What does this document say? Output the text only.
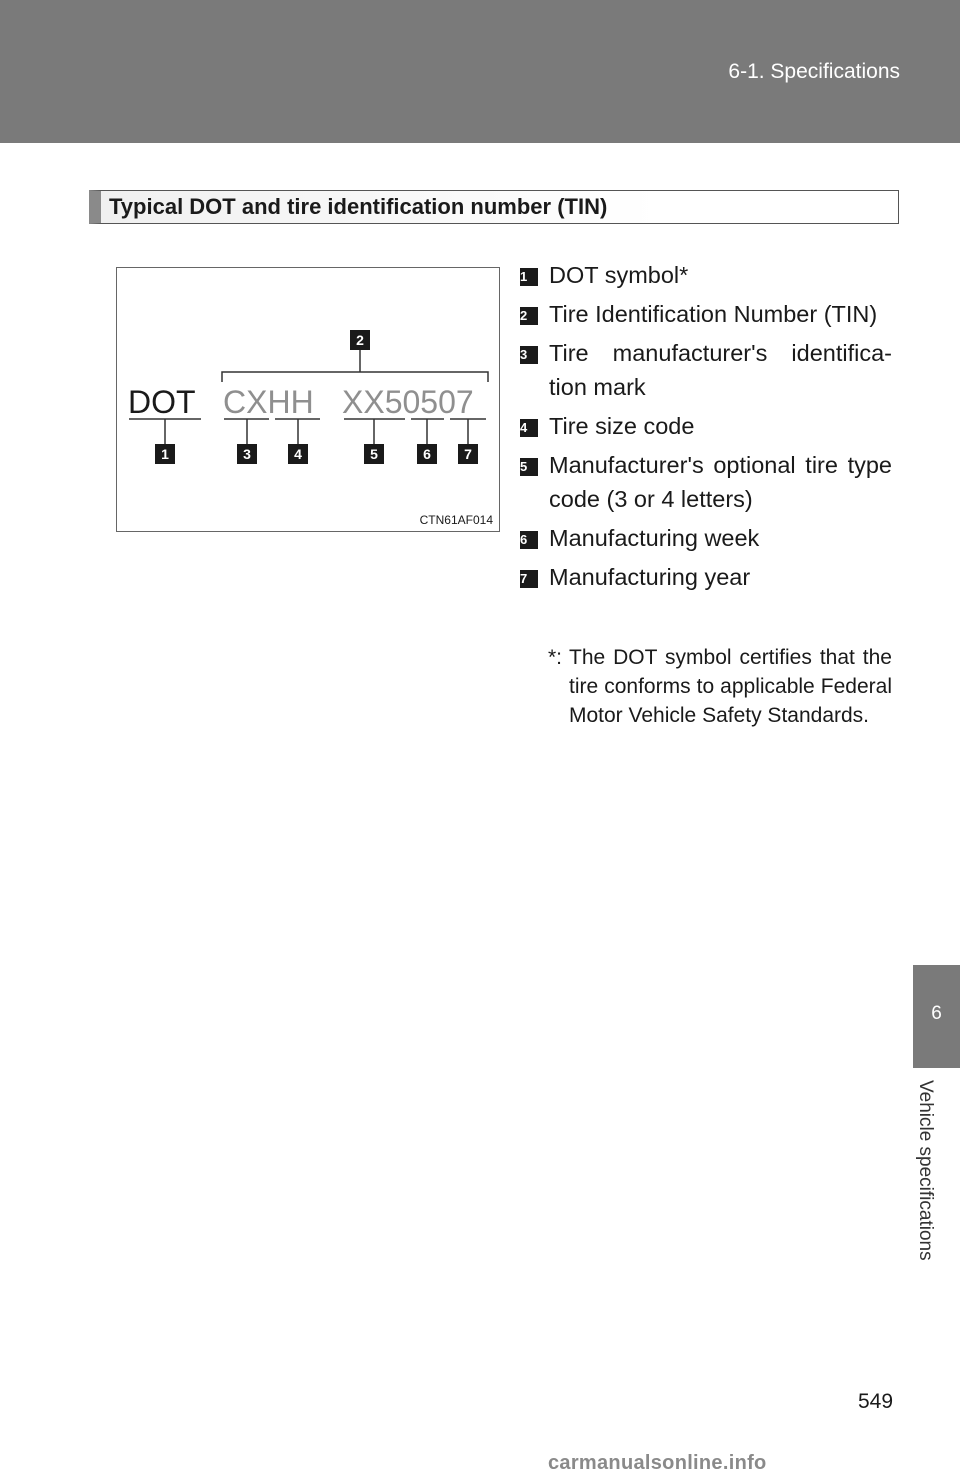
6-1. Specifications
6
Vehicle specifications
Typical DOT and tire identification number (TIN)
2
DOT CXHH XX50507
1	3	4	5	6 7
CTN61AF014
1 DOT symbol*
2 Tire Identification Number (TIN)
3 Tire manufacturer's identifica-tion mark
4 Tire size code
5 Manufacturer's optional tire type code (3 or 4 letters)
6 Manufacturing week
7 Manufacturing year
*: The DOT symbol certifies that the tire conforms to applicable Federal Motor Vehicle Safety Standards.
549
carmanualsonline.info
